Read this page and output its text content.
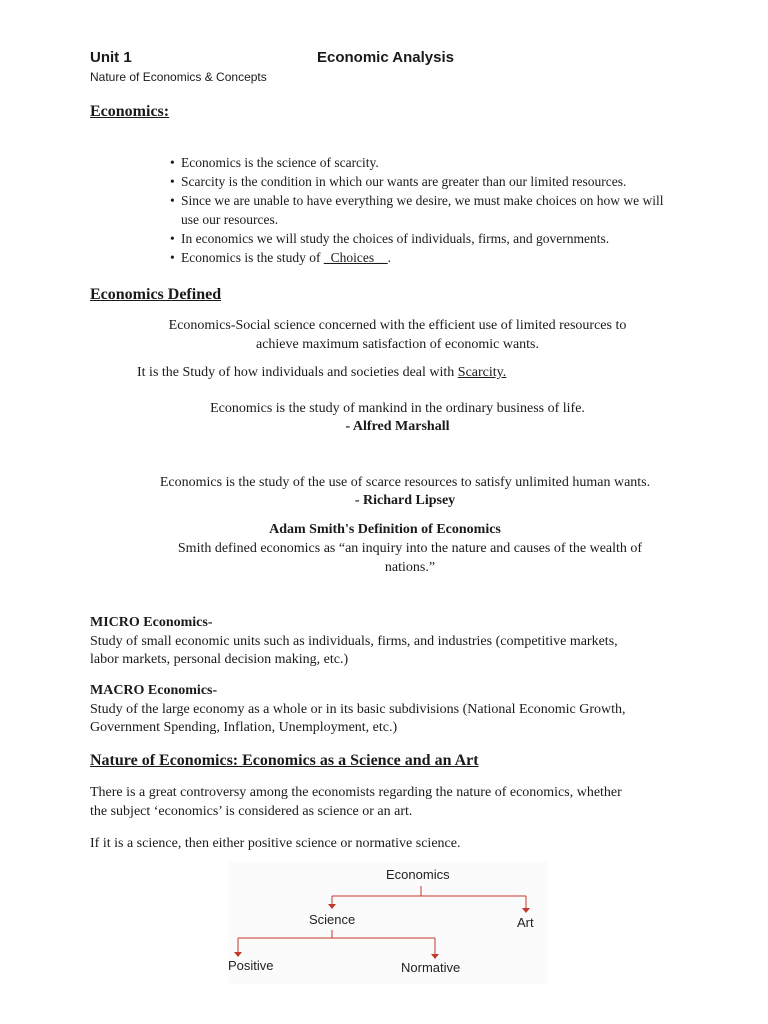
Unit 1	Economic Analysis
Nature of Economics & Concepts
Economics:
• Economics is the science of scarcity.
• Scarcity is the condition in which our wants are greater than our limited resources.
• Since we are unable to have everything we desire, we must make choices on how we will use our resources.
• In economics we will study the choices of individuals, firms, and governments.
• Economics is the study of _Choices__.
Economics Defined
Economics-Social science concerned with the efficient use of limited resources to
achieve maximum satisfaction of economic wants.
It is the Study of how individuals and societies deal with Scarcity.
Economics is the study of mankind in the ordinary business of life.
- Alfred Marshall
Economics is the study of the use of scarce resources to satisfy unlimited human wants.
- Richard Lipsey
Adam Smith's Definition of Economics
Smith defined economics as “an inquiry into the nature and causes of the wealth of
nations.”
MICRO Economics-
Study of small economic units such as individuals, firms, and industries (competitive markets,
labor markets, personal decision making, etc.)
MACRO Economics-
Study of the large economy as a whole or in its basic subdivisions (National Economic Growth,
Government Spending, Inflation, Unemployment, etc.)
Nature of Economics: Economics as a Science and an Art
There is a great controversy among the economists regarding the nature of economics, whether
the subject ‘economics’ is considered as science or an art.
If it is a science, then either positive science or normative science.
Economics
Science	Art
Positive	Normative
